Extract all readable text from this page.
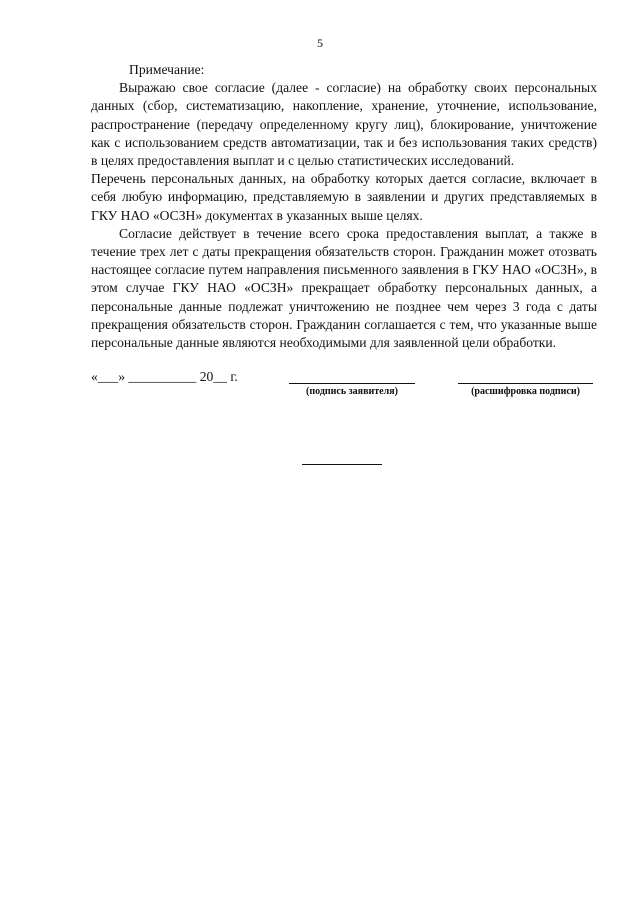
5
Примечание:

Выражаю свое согласие (далее - согласие) на обработку своих персональных данных (сбор, систематизацию, накопление, хранение, уточнение, использование, распространение (передачу определенному кругу лиц), блокирование, уничтожение как с использованием средств автоматизации, так и без использования таких средств) в целях предоставления выплат и с целью статистических исследований.

Перечень персональных данных, на обработку которых дается согласие, включает в себя любую информацию, представляемую в заявлении и других представляемых в ГКУ НАО «ОСЗН» документах в указанных выше целях.

Согласие действует в течение всего срока предоставления выплат, а также в течение трех лет с даты прекращения обязательств сторон. Гражданин может отозвать настоящее согласие путем направления письменного заявления в ГКУ НАО «ОСЗН», в этом случае ГКУ НАО «ОСЗН» прекращает обработку персональных данных, а персональные данные подлежат уничтожению не позднее чем через 3 года с даты прекращения обязательств сторон. Гражданин соглашается с тем, что указанные выше персональные данные являются необходимыми для заявленной цели обработки.

«___» __________ 20__ г.
(подпись заявителя)	(расшифровка подписи)
